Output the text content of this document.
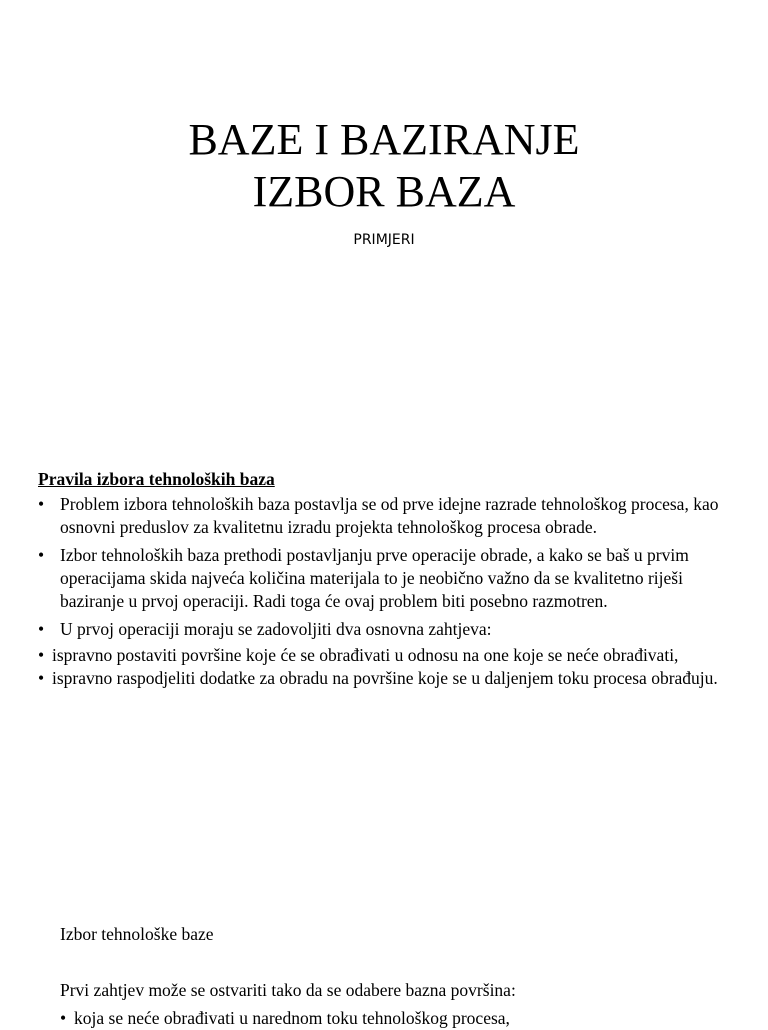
BAZE I BAZIRANJE
IZBOR BAZA
PRIMJERI

Pravila izbora tehnoloških baza

• Problem izbora tehnoloških baza postavlja se od prve idejne razrade tehnološkog procesa, kao osnovni preduslov za kvalitetnu izradu projekta tehnološkog procesa obrade.
• Izbor tehnoloških baza prethodi postavljanju prve operacije obrade, a kako se baš u prvim operacijama skida najveća količina materijala to je neobično važno da se kvalitetno riješi baziranje u prvoj operaciji. Radi toga će ovaj problem biti posebno razmotren.
• U prvoj operaciji moraju se zadovoljiti dva osnovna zahtjeva:
• ispravno postaviti površine koje će se obrađivati u odnosu na one koje se neće obrađivati,
• ispravno raspodjeliti dodatke za obradu na površine koje se u daljenjem toku procesa obrađuju.

Izbor tehnološke baze

Prvi zahtjev može se ostvariti tako da se odabere bazna površina:

• koja se neće obrađivati u narednom toku tehnološkog procesa,
